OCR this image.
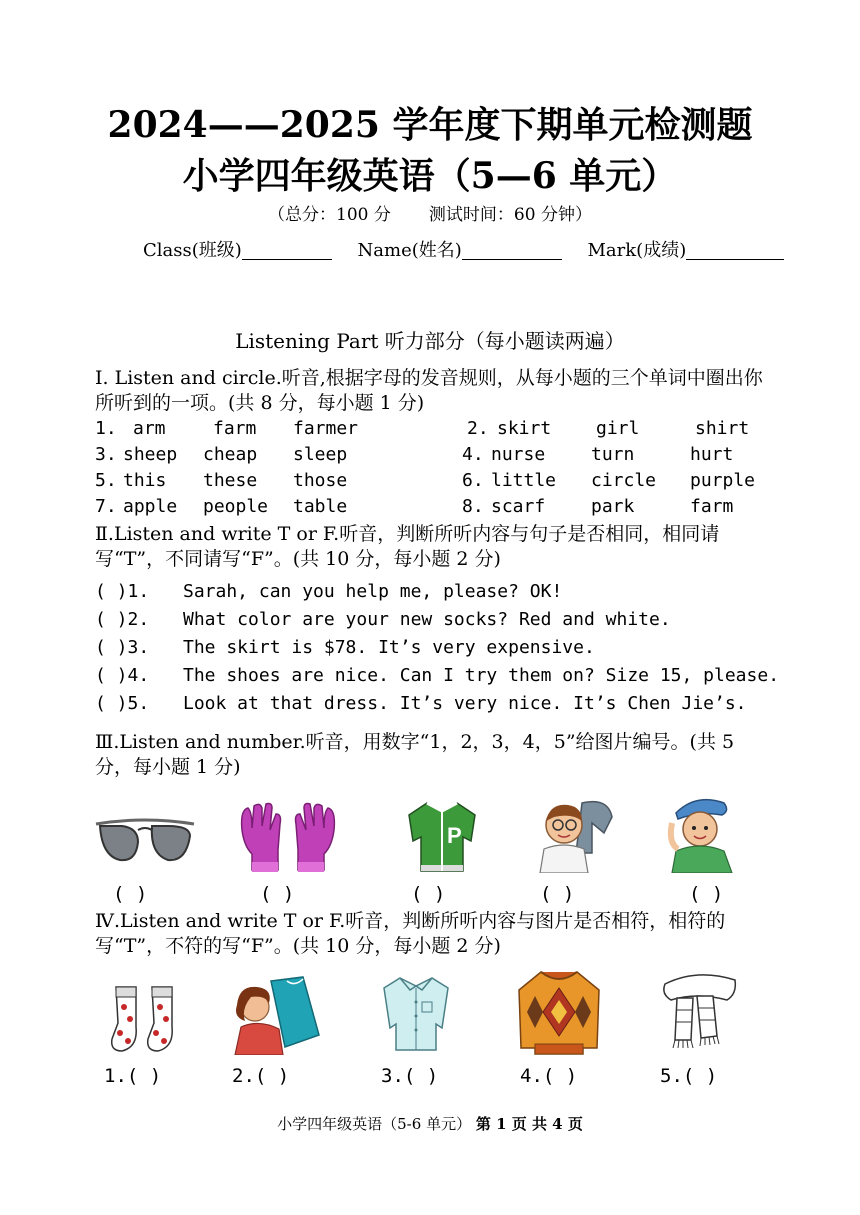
2024——2025 学年度下期单元检测题
小学四年级英语（5—6 单元）
（总分：100 分 测试时间：60 分钟）
Class(班级)	Name(姓名)	Mark(成绩)
Listening Part 听力部分（每小题读两遍）
Ⅰ. Listen and circle.听音,根据字母的发音规则，从每小题的三个单词中圈出你所听到的一项。(共 8 分，每小题 1 分)
1. arm	farm farmer	2. skirt girl	shirt
3. sheep cheap sleep	4. nurse	turn	hurt
5. this these those	6. little circle purple
7. apple people table	8. scarf	park	farm
Ⅱ.Listen and write T or F.听音，判断所听内容与句子是否相同，相同请写“T”，不同请写“F”。(共 10 分，每小题 2 分)
( )1. Sarah, can you help me, please? OK!
( )2. What color are your new socks? Red and white.
( )3. The skirt is $78. It’s very expensive.
( )4. The shoes are nice. Can I try them on? Size 15, please.
( )5. Look at that dress. It’s very nice. It’s Chen Jie’s.
Ⅲ.Listen and number.听音，用数字“1，2，3，4，5”给图片编号。(共 5 分，每小题 1 分)
P
( )	( )	( )	( )	( )
Ⅳ.Listen and write T or F.听音，判断所听内容与图片是否相符，相符的写“T”，不符的写“F”。(共 10 分，每小题 2 分)
1.( )	2.( )	3.( )	4.( )	5.( )
小学四年级英语（5-6 单元） 第 1 页 共 4 页
